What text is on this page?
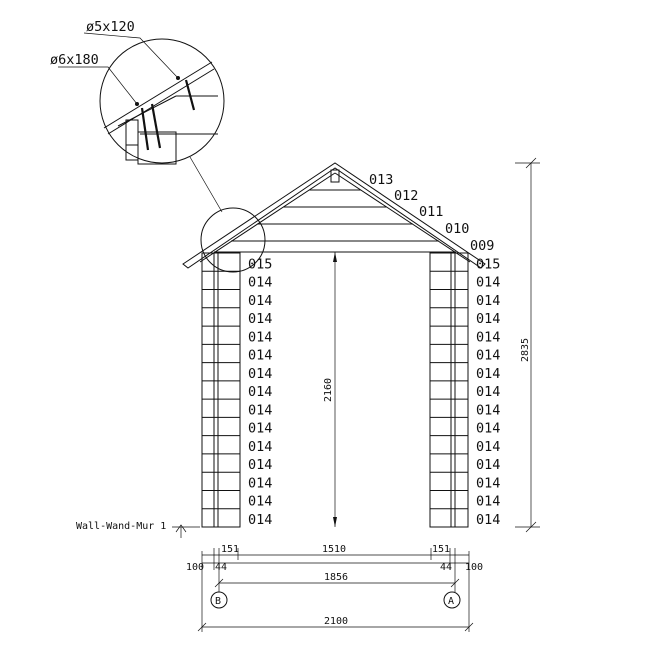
ø5x120
ø6x180
013
012
011
010
009
015
014
014
014
014
014
014
014
014
014
014
014
014
014
014
015
014
014
014
014
014
014
014
014
014
014
014
014
014
014
2160
2835
Wall-Wand-Mur 1
151	1510	151
44	44
100	100
1856
B	A
2100
